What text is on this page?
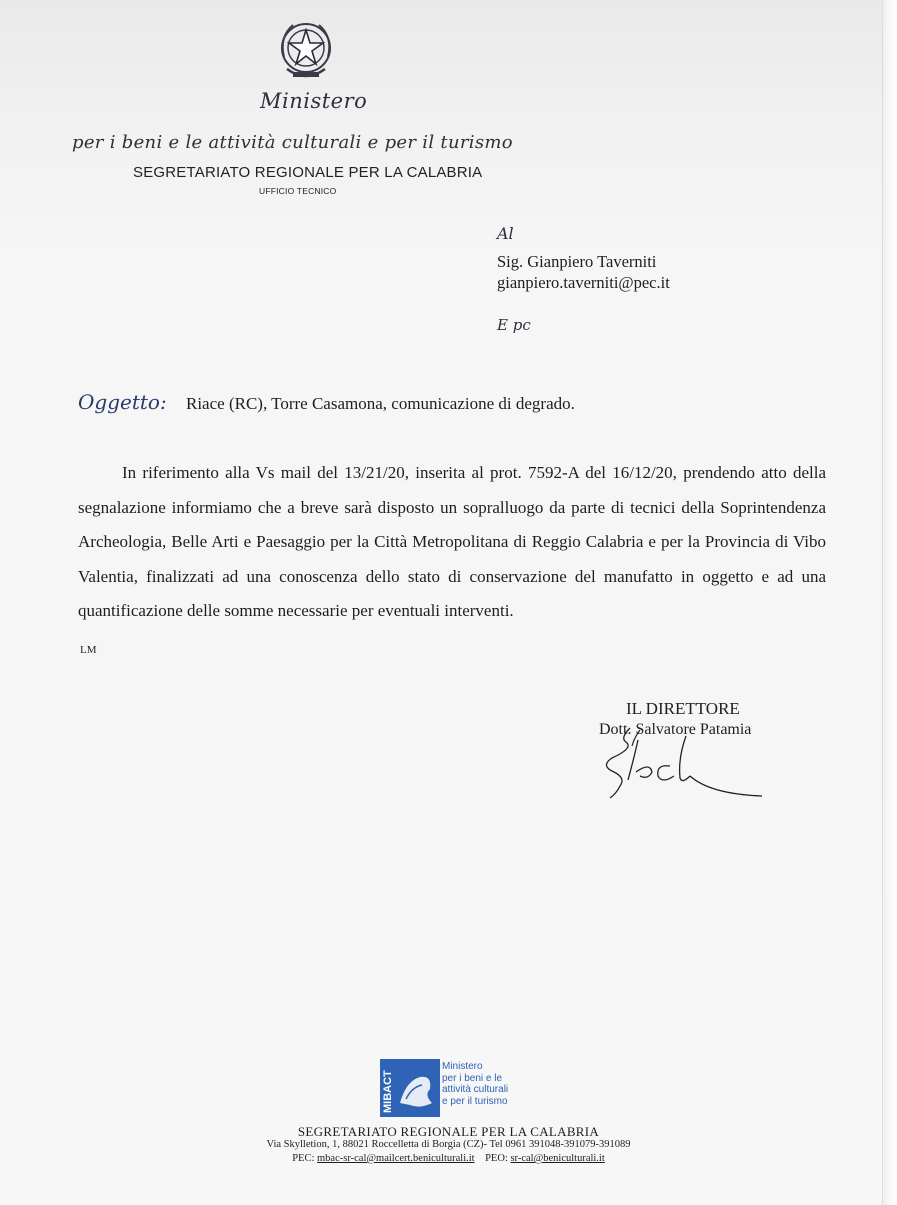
Ministero
per i beni e le attività culturali e per il turismo
SEGRETARIATO REGIONALE PER LA CALABRIA
UFFICIO TECNICO
Al
Sig. Gianpiero Taverniti
gianpiero.taverniti@pec.it
E pc
Oggetto: Riace (RC), Torre Casamona, comunicazione di degrado.
In riferimento alla Vs mail del 13/21/20, inserita al prot. 7592-A del 16/12/20, prendendo atto della segnalazione informiamo che a breve sarà disposto un sopralluogo da parte di tecnici della Soprintendenza Archeologia, Belle Arti e Paesaggio per la Città Metropolitana di Reggio Calabria e per la Provincia di Vibo Valentia, finalizzati ad una conoscenza dello stato di conservazione del manufatto in oggetto e ad una quantificazione delle somme necessarie per eventuali interventi.
LM
IL DIRETTORE
Dott. Salvatore Patamia
MIBACT
Ministero
per i beni e le
attività culturali
e per il turismo
SEGRETARIATO REGIONALE PER LA CALABRIA
Via Skylletion, 1, 88021 Roccelletta di Borgia (CZ)- Tel 0961 391048-391079-391089
PEC: mbac-sr-cal@mailcert.beniculturali.it PEO: sr-cal@beniculturali.it
